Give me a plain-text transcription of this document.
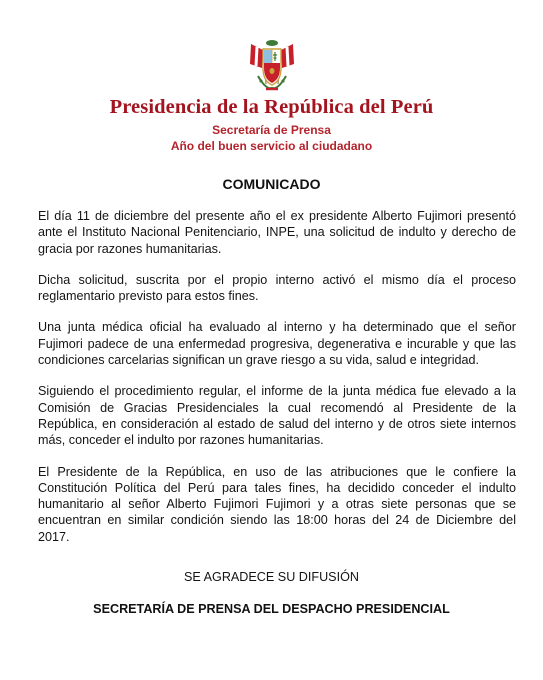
Presidencia de la República del Perú
Secretaría de Prensa
Año del buen servicio al ciudadano
COMUNICADO

El día 11 de diciembre del presente año el ex presidente Alberto Fujimori presentó ante el Instituto Nacional Penitenciario, INPE, una solicitud de indulto y derecho de gracia por razones humanitarias.

Dicha solicitud, suscrita por el propio interno activó el mismo día el proceso reglamentario previsto para estos fines.

Una junta médica oficial ha evaluado al interno y ha determinado que el señor Fujimori padece de una enfermedad progresiva, degenerativa e incurable y que las condiciones carcelarias significan un grave riesgo a su vida, salud e integridad.

Siguiendo el procedimiento regular, el informe de la junta médica fue elevado a la Comisión de Gracias Presidenciales la cual recomendó al Presidente de la República, en consideración al estado de salud del interno y de otros siete internos más, conceder el indulto por razones humanitarias.

El Presidente de la República, en uso de las atribuciones que le confiere la Constitución Política del Perú para tales fines, ha decidido conceder el indulto humanitario al señor Alberto Fujimori Fujimori y a otras siete personas que se encuentran en similar condición siendo las 18:00 horas del 24 de Diciembre del 2017.

SE AGRADECE SU DIFUSIÓN
SECRETARÍA DE PRENSA DEL DESPACHO PRESIDENCIAL
